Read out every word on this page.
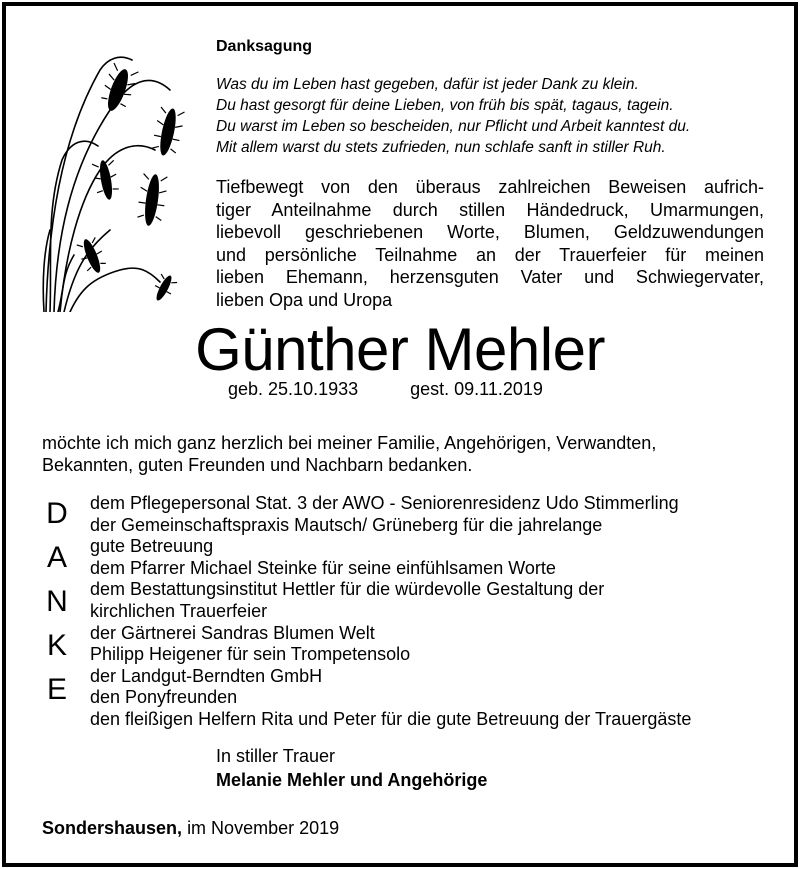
Danksagung
Was du im Leben hast gegeben, dafür ist jeder Dank zu klein.
Du hast gesorgt für deine Lieben, von früh bis spät, tagaus, tagein.
Du warst im Leben so bescheiden, nur Pflicht und Arbeit kanntest du.
Mit allem warst du stets zufrieden, nun schlafe sanft in stiller Ruh.
Tiefbewegt von den überaus zahlreichen Beweisen aufrich-
tiger Anteilnahme durch stillen Händedruck, Umarmungen,
liebevoll geschriebenen Worte, Blumen, Geldzuwendungen
und persönliche Teilnahme an der Trauerfeier für meinen
lieben Ehemann, herzensguten Vater und Schwiegervater,
lieben Opa und Uropa
Günther Mehler
geb. 25.10.1933	gest. 09.11.2019
möchte ich mich ganz herzlich bei meiner Familie, Angehörigen, Verwandten,
Bekannten, guten Freunden und Nachbarn bedanken.
D
A
N
K
E
dem Pflegepersonal Stat. 3 der AWO - Seniorenresidenz Udo Stimmerling
der Gemeinschaftspraxis Mautsch/ Grüneberg für die jahrelange
gute Betreuung
dem Pfarrer Michael Steinke für seine einfühlsamen Worte
dem Bestattungsinstitut Hettler für die würdevolle Gestaltung der
kirchlichen Trauerfeier
der Gärtnerei Sandras Blumen Welt
Philipp Heigener für sein Trompetensolo
der Landgut-Berndten GmbH
den Ponyfreunden
den fleißigen Helfern Rita und Peter für die gute Betreuung der Trauergäste
In stiller Trauer
Melanie Mehler und Angehörige
Sondershausen, im November 2019
